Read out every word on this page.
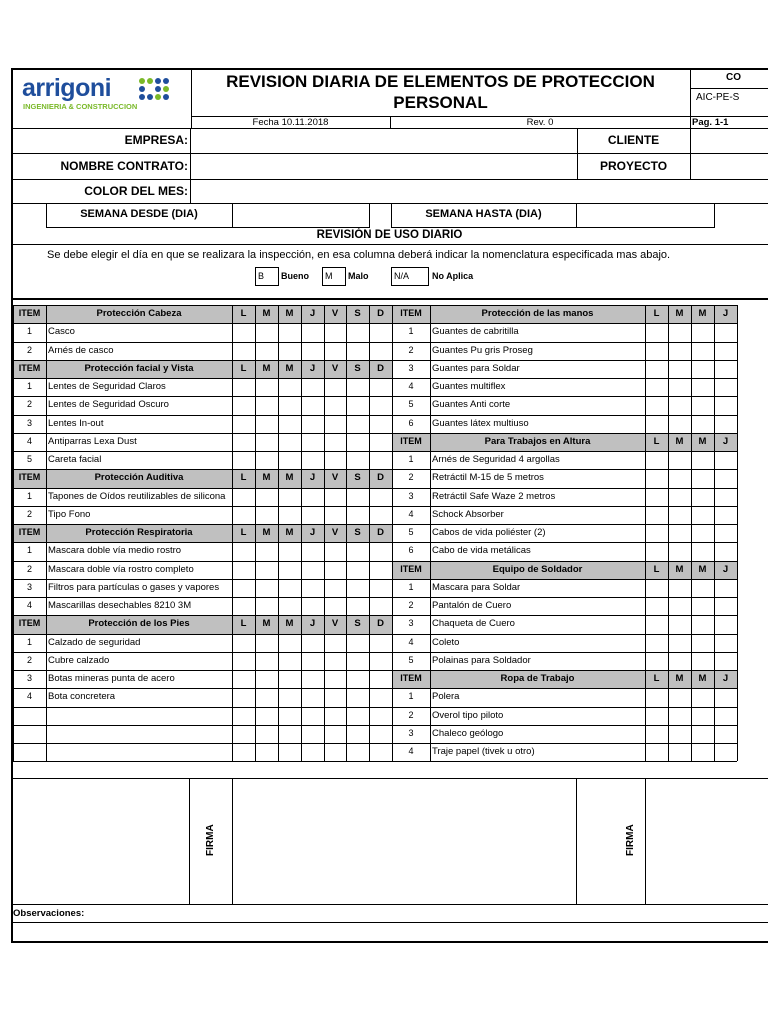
arrigoni
INGENIERIA & CONSTRUCCION
REVISION DIARIA DE ELEMENTOS DE PROTECCION
PERSONAL
CO
AIC-PE-S
Fecha 10.11.2018	Rev. 0	Pag. 1-1
EMPRESA:	CLIENTE
NOMBRE CONTRATO:	PROYECTO
COLOR DEL MES:
SEMANA DESDE (DIA)	SEMANA HASTA (DIA)
REVISIÓN DE USO DIARIO
Se debe elegir el día en que se realizara la inspección, en esa columna deberá indicar la nomenclatura especificada mas abajo.
B Bueno M Malo	N/A	No Aplica
ITEM	Protección Cabeza	L	M	M	J	V	S	D
1	Casco
2	Arnés de casco
ITEM	Protección facial y Vista	L	M	M	J	V	S	D
1	Lentes de Seguridad Claros
2	Lentes de Seguridad Oscuro
3	Lentes In-out
4	Antiparras Lexa Dust
5	Careta facial
ITEM	Protección Auditiva	L	M	M	J	V	S	D
1	Tapones de Oídos reutilizables de silicona
2	Tipo Fono
ITEM	Protección Respiratoria	L	M	M	J	V	S	D
1	Mascara doble vía medio rostro
2	Mascara doble vía rostro completo
3	Filtros para partículas o gases y vapores
4	Mascarillas desechables 8210 3M
ITEM	Protección de los Pies	L	M	M	J	V	S	D
1	Calzado de seguridad
2	Cubre calzado
3	Botas mineras punta de acero
4	Bota concretera
ITEM	Protección de las manos	L	M	M	J
1	Guantes de cabritilla
2	Guantes Pu gris Proseg
3	Guantes para Soldar
4	Guantes multiflex
5	Guantes Anti corte
6	Guantes látex multiuso
ITEM	Para Trabajos en Altura	L	M	M	J
1	Arnés de Seguridad 4 argollas
2	Retráctil M-15 de 5 metros
3	Retráctil Safe Waze 2 metros
4	Schock Absorber
5	Cabos de vida poliéster (2)
6	Cabo de vida metálicas
ITEM	Equipo de Soldador	L	M	M	J
1	Mascara para Soldar
2	Pantalón de Cuero
3	Chaqueta de Cuero
4	Coleto
5	Polainas para Soldador
ITEM	Ropa de Trabajo	L	M	M	J
1	Polera
2	Overol tipo piloto
3	Chaleco geólogo
4	Traje papel (tivek u otro)
FIRMA	FIRMA
Observaciones:
